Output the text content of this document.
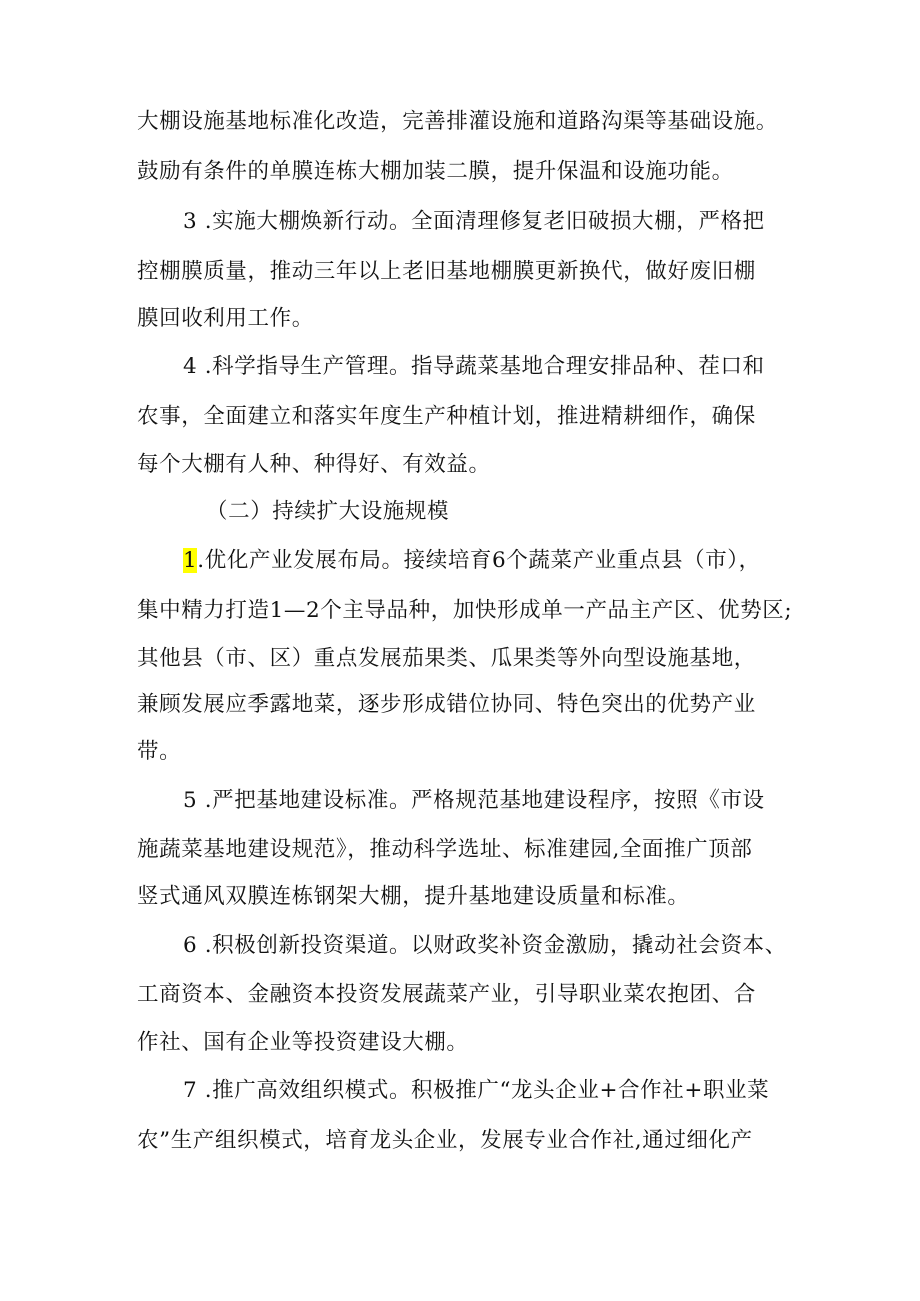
大棚设施基地标准化改造，完善排灌设施和道路沟渠等基础设施。
鼓励有条件的单膜连栋大棚加装二膜，提升保温和设施功能。
3 .实施大棚焕新行动。全面清理修复老旧破损大棚，严格把
控棚膜质量，推动三年以上老旧基地棚膜更新换代，做好废旧棚
膜回收利用工作。
4 .科学指导生产管理。指导蔬菜基地合理安排品种、茬口和
农事，全面建立和落实年度生产种植计划，推进精耕细作，确保
每个大棚有人种、种得好、有效益。
（二）持续扩大设施规模
1.优化产业发展布局。接续培育6个蔬菜产业重点县（市），
集中精力打造1—2个主导品种，加快形成单一产品主产区、优势区;
其他县（市、区）重点发展茄果类、瓜果类等外向型设施基地，
兼顾发展应季露地菜，逐步形成错位协同、特色突出的优势产业
带。
5 .严把基地建设标准。严格规范基地建设程序，按照《市设
施蔬菜基地建设规范》，推动科学选址、标准建园,全面推广顶部
竖式通风双膜连栋钢架大棚，提升基地建设质量和标准。
6 .积极创新投资渠道。以财政奖补资金激励，撬动社会资本、
工商资本、金融资本投资发展蔬菜产业，引导职业菜农抱团、合
作社、国有企业等投资建设大棚。
7 .推广高效组织模式。积极推广“龙头企业+合作社+职业菜
农”生产组织模式，培育龙头企业，发展专业合作社,通过细化产
